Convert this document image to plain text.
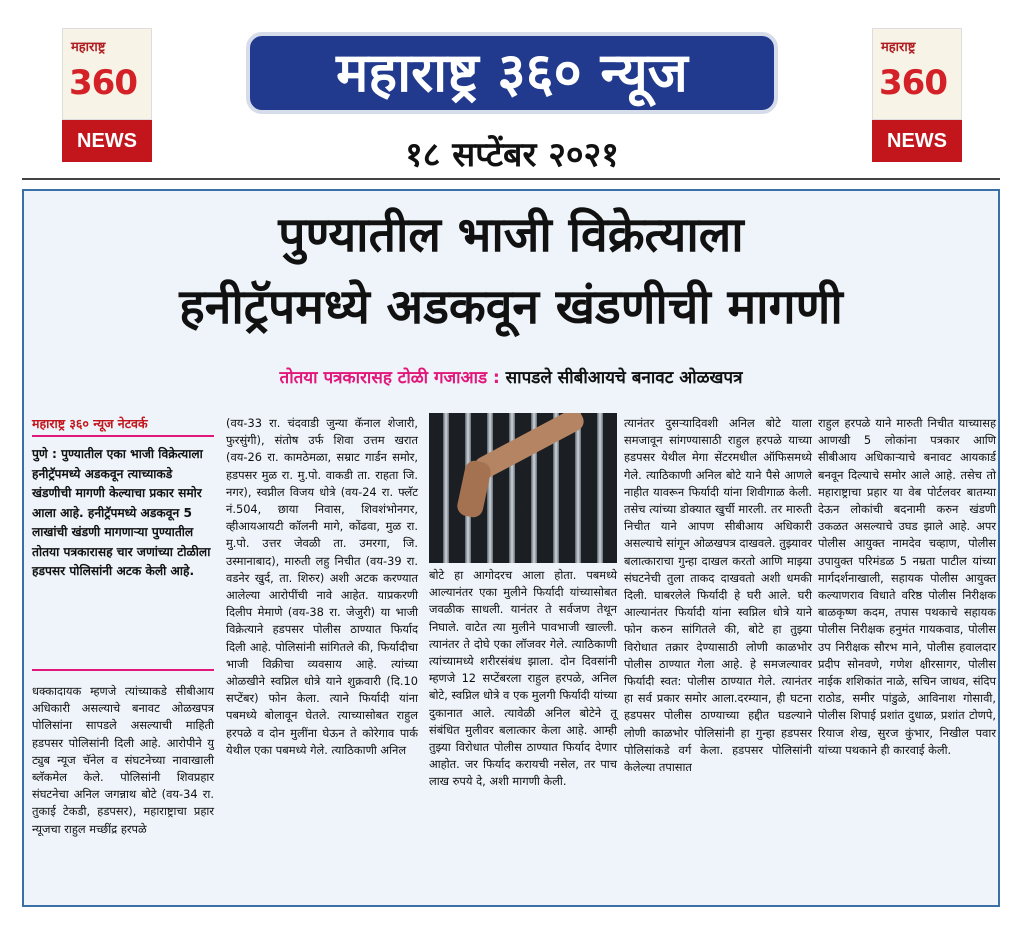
महाराष्ट्र
360
NEWS
महाराष्ट्र ३६० न्यूज
१८ सप्टेंबर २०२१
महाराष्ट्र
360
NEWS
पुण्यातील भाजी विक्रेत्याला
हनीट्रॅपमध्ये अडकवून खंडणीची मागणी
तोतया पत्रकारासह टोळी गजाआड : सापडले सीबीआयचे बनावट ओळखपत्र
महाराष्ट्र ३६० न्यूज नेटवर्क
पुणे : पुण्यातील एका भाजी विक्रेत्याला हनीट्रॅपमध्ये अडकवून त्याच्याकडे खंडणीची मागणी केल्याचा प्रकार समोर आला आहे. हनीट्रॅपमध्ये अडकवून 5 लाखांची खंडणी मागणाऱ्या पुण्यातील तोतया पत्रकारासह चार जणांच्या टोळीला हडपसर पोलिसांनी अटक केली आहे.
धक्कादायक म्हणजे त्यांच्याकडे सीबीआय अधिकारी असल्याचे बनावट ओळखपत्र पोलिसांना सापडले असल्याची माहिती हडपसर पोलिसांनी दिली आहे. आरोपीने यु ट्युब न्यूज चॅनेल व संघटनेच्या नावाखाली ब्लॅकमेल केले. पोलिसांनी शिवप्रहार संघटनेचा अनिल जगन्नाथ बोटे (वय-34 रा. तुकाई टेकडी, हडपसर), महाराष्ट्राचा प्रहार न्यूजचा राहुल मच्छींद्र हरपळे
(वय-33 रा. चंदवाडी जुन्या कॅनाल शेजारी, फुरसुंगी), संतोष उर्फ शिवा उत्तम खरात (वय-26 रा. कामठेमळा, सम्राट गार्डन समोर, हडपसर मुळ रा. मु.पो. वाकडी ता. राहता जि. नगर), स्वप्नील विजय धोत्रे (वय-24 रा. फ्लॅट नं.504, छाया निवास, शिवशंभोनगर, व्हीआयआयटी कॉलनी मागे, कोंढवा, मुळ रा. मु.पो. उत्तर जेवळी ता. उमरगा, जि. उस्मानाबाद), मारुती लहु निचीत (वय-39 रा. वडनेर खुर्द, ता. शिरुर) अशी अटक करण्यात आलेल्या आरोपींची नावे आहेत. याप्रकरणी दिलीप मेमाणे (वय-38 रा. जेजुरी) या भाजी विक्रेत्याने हडपसर पोलीस ठाण्यात फिर्याद दिली आहे. पोलिसांनी सांगितले की, फिर्यादीचा भाजी विक्रीचा व्यवसाय आहे. त्यांच्या ओळखीने स्वप्निल धोत्रे याने शुक्रवारी (दि.10 सप्टेंबर) फोन केला. त्याने फिर्यादी यांना पबमध्ये बोलावून घेतले. त्याच्यासोबत राहुल हरपळे व दोन मुलींना घेऊन ते कोरेगाव पार्क येथील एका पबमध्ये गेले. त्याठिकाणी अनिल
बोटे हा आगोदरच आला होता. पबमध्ये आल्यानंतर एका मुलीने फिर्यादी यांच्यासोबत जवळीक साधली. यानंतर ते सर्वजण तेथून निघाले. वाटेत त्या मुलीने पावभाजी खाल्ली. त्यानंतर ते दोघे एका लॉजवर गेले. त्याठिकाणी त्यांच्यामध्ये शरीरसंबंध झाला. दोन दिवसांनी म्हणजे 12 सप्टेंबरला राहुल हरपळे, अनिल बोटे, स्वप्निल धोत्रे व एक मुलगी फिर्यादी यांच्या दुकानात आले. त्यावेळी अनिल बोटेने तू संबंधित मुलीवर बलात्कार केला आहे. आम्ही तुझ्या विरोधात पोलीस ठाण्यात फिर्याद देणार आहोत. जर फिर्याद करायची नसेल, तर पाच लाख रुपये दे, अशी मागणी केली.
त्यानंतर दुसऱ्यादिवशी अनिल बोटे याला समजावून सांगण्यासाठी राहुल हरपळे याच्या हडपसर येथील मेगा सेंटरमधील ऑफिसमध्ये गेले. त्याठिकाणी अनिल बोटे याने पैसे आणले नाहीत यावरून फिर्यादी यांना शिवीगाळ केली. तसेच त्यांच्या डोक्यात खुर्ची मारली. तर मारुती निचीत याने आपण सीबीआय अधिकारी असल्याचे सांगून ओळखपत्र दाखवले. तुझ्यावर बलात्काराचा गुन्हा दाखल करतो आणि माझ्या संघटनेची तुला ताकद दाखवतो अशी धमकी दिली. घाबरलेले फिर्यादी हे घरी आले. घरी आल्यानंतर फिर्यादी यांना स्वप्निल धोत्रे याने फोन करुन सांगितले की, बोटे हा तुझ्या विरोधात तक्रार देण्यासाठी लोणी काळभोर पोलीस ठाण्यात गेला आहे. हे समजल्यावर फिर्यादी स्वत: पोलीस ठाण्यात गेले. त्यानंतर हा सर्व प्रकार समोर आला.दरम्यान, ही घटना हडपसर पोलीस ठाण्याच्या हद्दीत घडल्याने लोणी काळभोर पोलिसांनी हा गुन्हा हडपसर पोलिसांकडे वर्ग केला. हडपसर पोलिसांनी केलेल्या तपासात
राहुल हरपळे याने मारुती निचीत याच्यासह आणखी 5 लोकांना पत्रकार आणि सीबीआय अधिकाऱ्याचे बनावट आयकार्ड बनवून दिल्याचे समोर आले आहे. तसेच तो महाराष्ट्राचा प्रहार या वेब पोर्टलवर बातम्या देऊन लोकांची बदनामी करुन खंडणी उकळत असल्याचे उघड झाले आहे. अपर पोलीस आयुक्त नामदेव चव्हाण, पोलीस उपायुक्त परिमंडळ 5 नम्रता पाटील यांच्या मार्गदर्शनाखाली, सहायक पोलीस आयुक्त कल्याणराव विधाते वरिष्ठ पोलीस निरीक्षक बाळकृष्ण कदम, तपास पथकाचे सहायक पोलीस निरीक्षक हनुमंत गायकवाड, पोलीस उप निरीक्षक सौरभ माने, पोलीस हवालदार प्रदीप सोनवणे, गणेश क्षीरसागर, पोलीस नाईक शशिकांत नाळे, सचिन जाधव, संदिप राठोड, समीर पांडुळे, आविनाश गोसावी, पोलीस शिपाई प्रशांत दुधाळ, प्रशांत टोणपे, रियाज शेख, सुरज कुंभार, निखील पवार यांच्या पथकाने ही कारवाई केली.
